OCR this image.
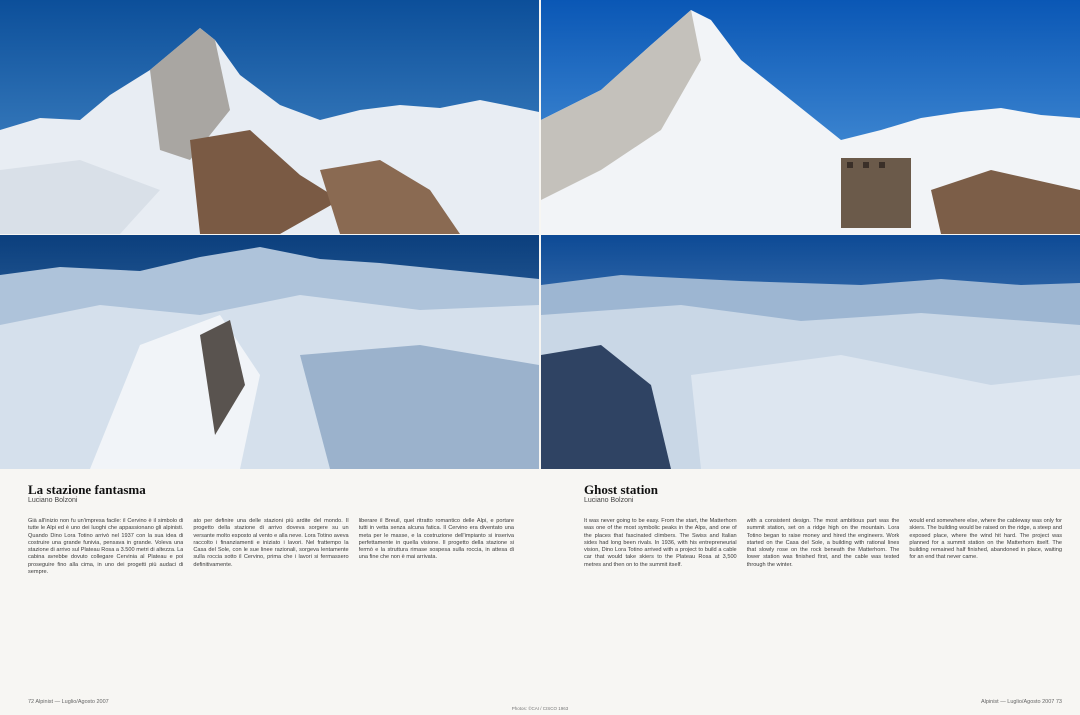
La stazione fantasma
Luciano Bolzoni
Già all'inizio non fu un'impresa facile: il Cervino è il simbolo di tutte le Alpi ed è uno dei luoghi che appassionano gli alpinisti. Quando Dino Lora Totino arrivò nel 1937 con la sua idea di costruire una grande funivia, pensava in grande. Voleva una stazione di arrivo sul Plateau Rosa a 3.500 metri di altezza. La cabina avrebbe dovuto collegare Cervinia al Plateau e poi proseguire fino alla cima, in uno dei progetti più audaci di sempre.
ato per definire una delle stazioni più ardite del mondo. Il progetto della stazione di arrivo doveva sorgere su un versante molto esposto al vento e alla neve. Lora Totino aveva raccolto i finanziamenti e iniziato i lavori. Nel frattempo la Casa del Sole, con le sue linee razionali, sorgeva lentamente sulla roccia sotto il Cervino, prima che i lavori si fermassero definitivamente.
liberare il Breuil, quel ritratto romantico delle Alpi, e portare tutti in vetta senza alcuna fatica. Il Cervino era diventato una meta per le masse, e la costruzione dell'impianto si inseriva perfettamente in quella visione. Il progetto della stazione si fermò e la struttura rimase sospesa sulla roccia, in attesa di una fine che non è mai arrivata.
72 Alpinist — Luglio/Agosto 2007
Ghost station
Luciano Bolzoni
It was never going to be easy. From the start, the Matterhorn was one of the most symbolic peaks in the Alps, and one of the places that fascinated climbers. The Swiss and Italian sides had long been rivals. In 1936, with his entrepreneurial vision, Dino Lora Totino arrived with a project to build a cable car that would take skiers to the Plateau Rosa at 3,500 metres and then on to the summit itself.
with a consistent design. The most ambitious part was the summit station, set on a ridge high on the mountain. Lora Totino began to raise money and hired the engineers. Work started on the Casa del Sole, a building with rational lines that slowly rose on the rock beneath the Matterhorn. The lower station was finished first, and the cable was tested through the winter.
would end somewhere else, where the cableway was only for skiers. The building would be raised on the ridge, a steep and exposed place, where the wind hit hard. The project was planned for a summit station on the Matterhorn itself. The building remained half finished, abandoned in place, waiting for an end that never came.
Alpinist — Luglio/Agosto 2007 73
Photos: ©CAI / CISCO 1963
